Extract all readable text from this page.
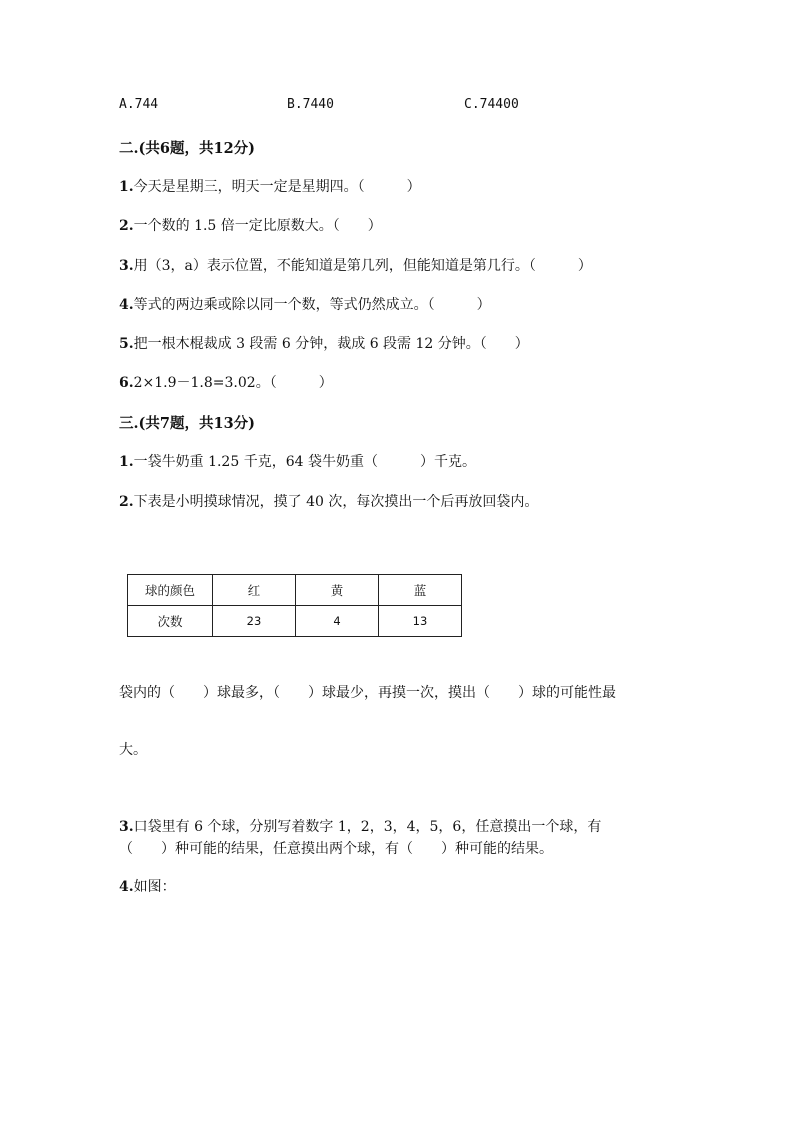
A.744	B.7440	C.74400
二.(共6题，共12分)
1.今天是星期三，明天一定是星期四。（　　　）
2.一个数的 1.5 倍一定比原数大。（　　）
3.用（3，a）表示位置，不能知道是第几列，但能知道是第几行。（　　　）
4.等式的两边乘或除以同一个数，等式仍然成立。（　　　）
5.把一根木棍裁成 3 段需 6 分钟，裁成 6 段需 12 分钟。（　　）
6.2×1.9－1.8=3.02。（　　　）
三.(共7题，共13分)
1.一袋牛奶重 1.25 千克，64 袋牛奶重（　　　）千克。
2.下表是小明摸球情况，摸了 40 次，每次摸出一个后再放回袋内。
球的颜色	红	黄	蓝
次数	23	4	13
袋内的（　　）球最多，（　　）球最少，再摸一次，摸出（　　）球的可能性最
大。
3.口袋里有 6 个球，分别写着数字 1，2，3，4，5，6，任意摸出一个球，有
（　　）种可能的结果，任意摸出两个球，有（　　）种可能的结果。
4.如图：
